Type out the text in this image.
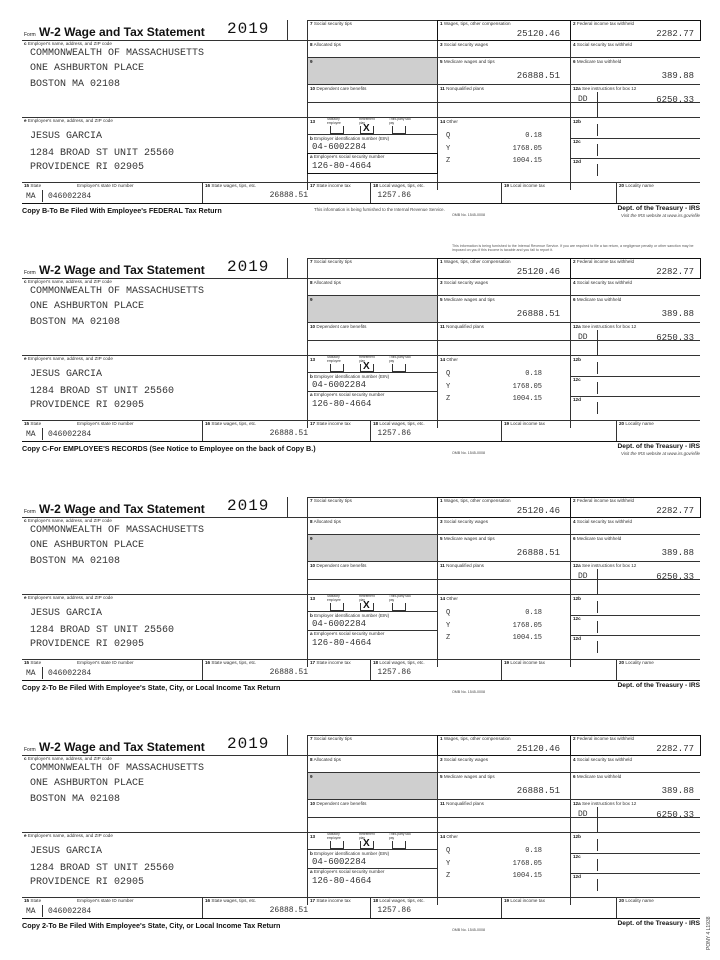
Form W-2 Wage and Tax Statement 2019	7 Social security tips	1 Wages, tips, other compensation
25120.46
2 Federal income tax withheld
2282.77
c Employer's name, address, and ZIP code
COMMONWEALTH OF MASSACHUSETTS
ONE ASHBURTON PLACE
BOSTON MA 02108
8 Allocated tips	3 Social security wages	4 Social security tax withheld
9	5 Medicare wages and tips
26888.51
6 Medicare tax withheld
389.88
10 Dependent care benefits	11 Nonqualified plans	12a See instructions for box 12
DD	6250.33
e Employee's name, address, and ZIP code
JESUS GARCIA
1284 BROAD ST UNIT 25560
PROVIDENCE RI 02905
13	Statutory employee
Retirement plan
Third-party sick pay
X
b Employer identification number (EIN)
04-6002284
a Employee's social security number
126-80-4664
14 Other
Q	0.18
Y	1768.05
Z	1004.15
12b
12c
12d
15 State	Employer's state ID number
MA 046002284
16 State wages, tips, etc.
26888.51
17 State income tax
1257.86
18 Local wages, tips, etc.	19 Local income tax	20 Locality name
Copy B-To Be Filed With Employee's FEDERAL Tax Return	This information is being furnished to the Internal Revenue Service.
OMB No. 1545-0008
Dept. of the Treasury - IRS
Visit the IRS website at www.irs.gov/efile
Form W-2 Wage and Tax Statement 2019	7 Social security tips	1 Wages, tips, other compensation
25120.46
2 Federal income tax withheld
2282.77
c Employer's name, address, and ZIP code
COMMONWEALTH OF MASSACHUSETTS
ONE ASHBURTON PLACE
BOSTON MA 02108
8 Allocated tips	3 Social security wages	4 Social security tax withheld
9	5 Medicare wages and tips
26888.51
6 Medicare tax withheld
389.88
10 Dependent care benefits	11 Nonqualified plans	12a See instructions for box 12
DD	6250.33
e Employee's name, address, and ZIP code
JESUS GARCIA
1284 BROAD ST UNIT 25560
PROVIDENCE RI 02905
13	Statutory employee
Retirement plan
Third-party sick pay
X
b Employer identification number (EIN)
04-6002284
a Employee's social security number
126-80-4664
14 Other
Q	0.18
Y	1768.05
Z	1004.15
12b
12c
12d
15 State	Employer's state ID number
MA 046002284
16 State wages, tips, etc.
26888.51
17 State income tax
1257.86
18 Local wages, tips, etc.	19 Local income tax	20 Locality name
Copy C-For EMPLOYEE'S RECORDS (See Notice to Employee on the back of Copy B.)	OMB No. 1545-0008
Dept. of the Treasury - IRS
Visit the IRS website at www.irs.gov/efile
This information is being furnished to the Internal Revenue Service. If you are required to file a tax return, a negligence penalty or other sanction may be imposed on you if this income is taxable and you fail to report it.
Form W-2 Wage and Tax Statement 2019	7 Social security tips	1 Wages, tips, other compensation
25120.46
2 Federal income tax withheld
2282.77
c Employer's name, address, and ZIP code
COMMONWEALTH OF MASSACHUSETTS
ONE ASHBURTON PLACE
BOSTON MA 02108
8 Allocated tips	3 Social security wages	4 Social security tax withheld
9	5 Medicare wages and tips
26888.51
6 Medicare tax withheld
389.88
10 Dependent care benefits	11 Nonqualified plans	12a See instructions for box 12
DD	6250.33
e Employee's name, address, and ZIP code
JESUS GARCIA
1284 BROAD ST UNIT 25560
PROVIDENCE RI 02905
13	Statutory employee
Retirement plan
Third-party sick pay
X
b Employer identification number (EIN)
04-6002284
a Employee's social security number
126-80-4664
14 Other
Q	0.18
Y	1768.05
Z	1004.15
12b
12c
12d
15 State	Employer's state ID number
MA 046002284
16 State wages, tips, etc.
26888.51
17 State income tax
1257.86
18 Local wages, tips, etc.	19 Local income tax	20 Locality name
Copy 2-To Be Filed With Employee's State, City, or Local Income Tax Return	OMB No. 1545-0008
Dept. of the Treasury - IRS
Form W-2 Wage and Tax Statement 2019	7 Social security tips	1 Wages, tips, other compensation
25120.46
2 Federal income tax withheld
2282.77
c Employer's name, address, and ZIP code
COMMONWEALTH OF MASSACHUSETTS
ONE ASHBURTON PLACE
BOSTON MA 02108
8 Allocated tips	3 Social security wages	4 Social security tax withheld
9	5 Medicare wages and tips
26888.51
6 Medicare tax withheld
389.88
10 Dependent care benefits	11 Nonqualified plans	12a See instructions for box 12
DD	6250.33
e Employee's name, address, and ZIP code
JESUS GARCIA
1284 BROAD ST UNIT 25560
PROVIDENCE RI 02905
13	Statutory employee
Retirement plan
Third-party sick pay
X
b Employer identification number (EIN)
04-6002284
a Employee's social security number
126-80-4664
14 Other
Q	0.18
Y	1768.05
Z	1004.15
12b
12c
12d
15 State	Employer's state ID number
MA 046002284
16 State wages, tips, etc.
26888.51
17 State income tax
1257.86
18 Local wages, tips, etc.	19 Local income tax	20 Locality name
Copy 2-To Be Filed With Employee's State, City, or Local Income Tax Return	OMB No. 1545-0008
Dept. of the Treasury - IRS PONY 4 L1938
